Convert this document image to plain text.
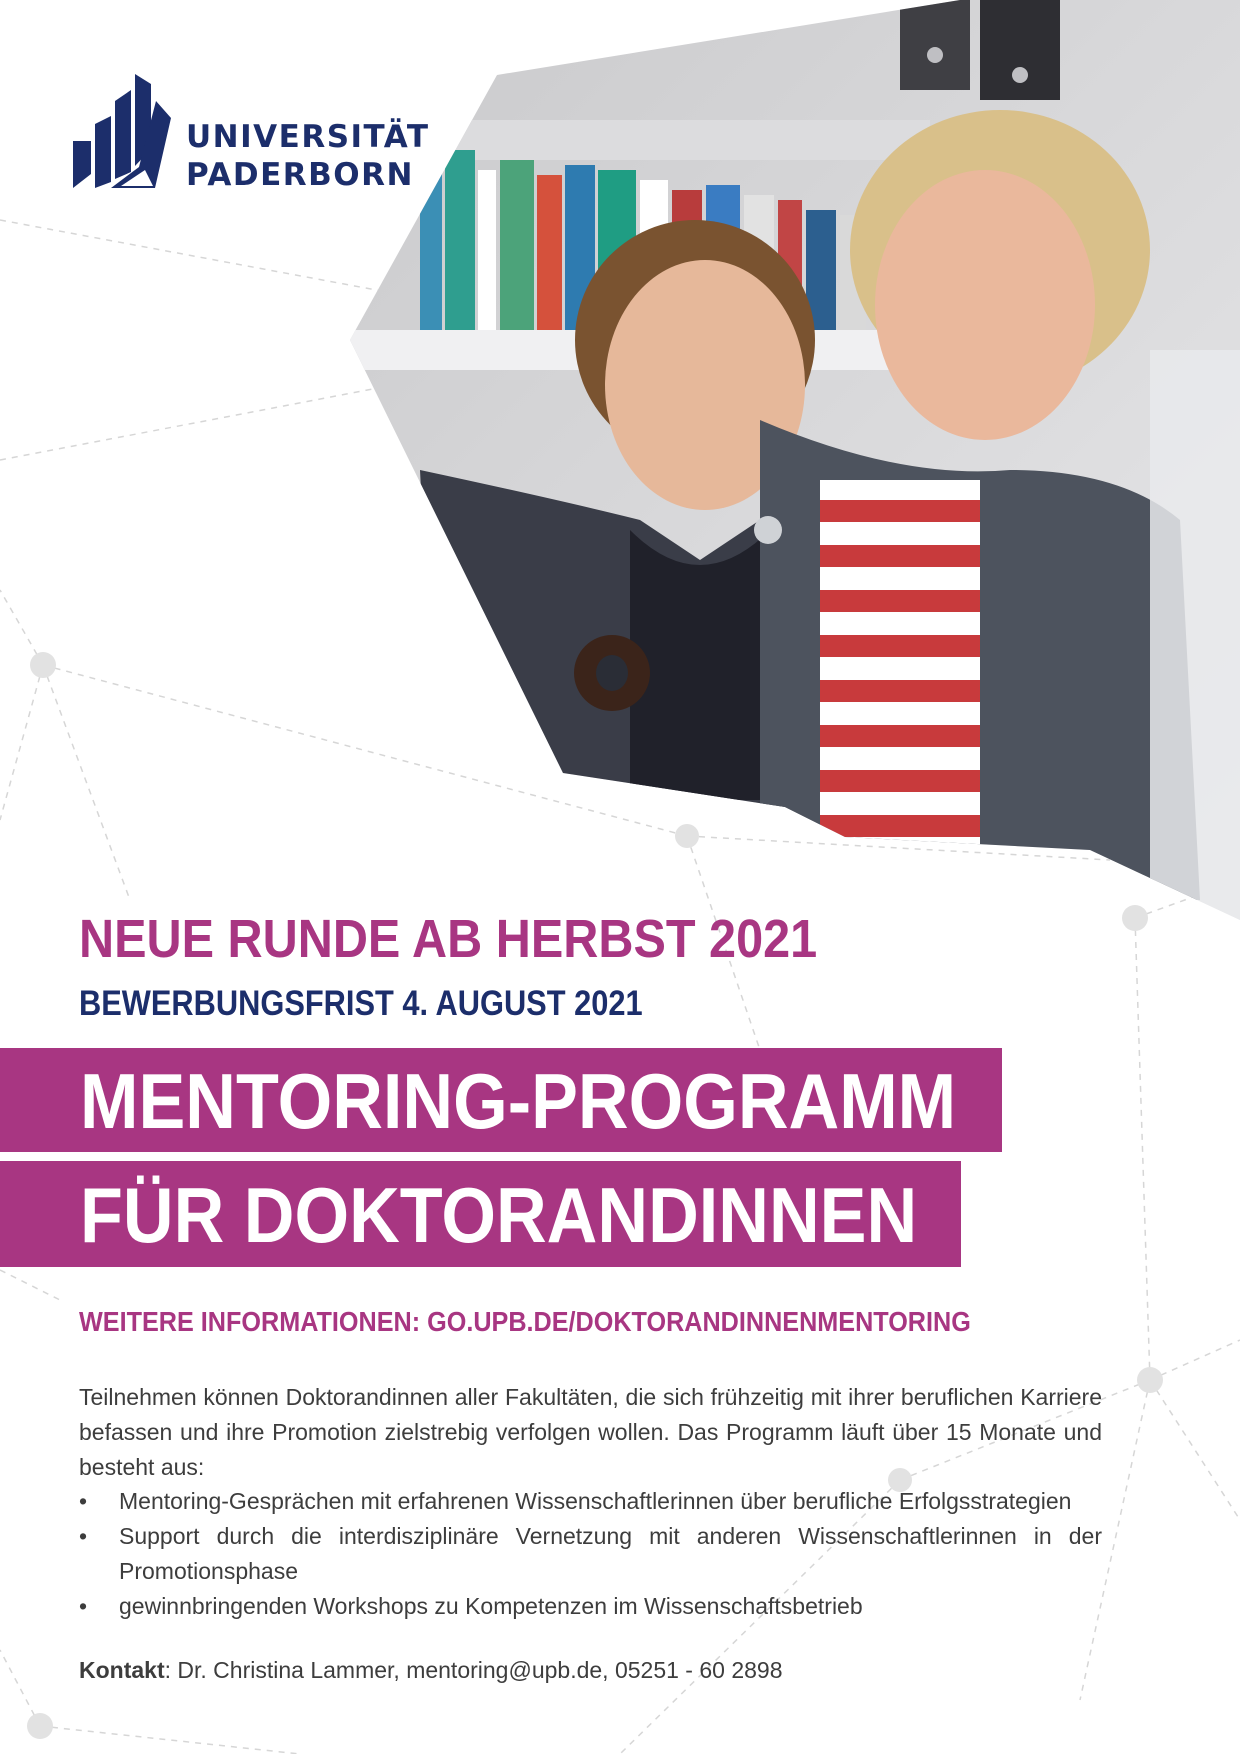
UNIVERSITÄT
PADERBORN
NEUE RUNDE AB HERBST 2021
BEWERBUNGSFRIST 4. AUGUST 2021
MENTORING-PROGRAMM
FÜR DOKTORANDINNEN
WEITERE INFORMATIONEN: GO.UPB.DE/DOKTORANDINNENMENTORING
Teilnehmen können Doktorandinnen aller Fakultäten, die sich frühzeitig mit ihrer beruflichen Karriere befassen und ihre Promotion zielstrebig verfolgen wollen. Das Programm läuft über 15 Monate und besteht aus:
• Mentoring-Gesprächen mit erfahrenen Wissenschaftlerinnen über berufliche Erfolgsstrategien
• Support durch die interdisziplinäre Vernetzung mit anderen Wissenschaftlerinnen in der Promotionsphase
• gewinnbringenden Workshops zu Kompetenzen im Wissenschaftsbetrieb
Kontakt: Dr. Christina Lammer, mentoring@upb.de, 05251 - 60 2898
